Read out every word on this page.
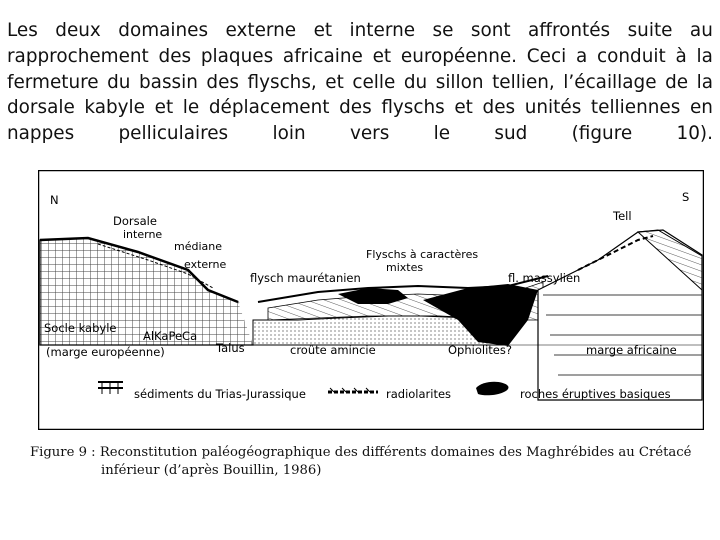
Les deux domaines externe et interne se sont affrontés suite au
rapprochement des plaques africaine et européenne. Ceci a conduit à la
fermeture du bassin des flyschs, et celle du sillon tellien, l’écaillage de la
dorsale kabyle et le déplacement des flyschs et des unités telliennes en
nappes pelliculaires loin vers le sud (figure 10).
N	S
Dorsale
interne
médiane
externe
Tell
Flyschs à caractères
mixtes
flysch maurétanien	fl. massylien
Socle kabyle
(marge européenne)
AlKaPeCa
Talus	croûte amincie	Ophiolites?	marge africaine
sédiments du Trias-Jurassique	radiolarites	roches éruptives basiques
Figure 9 : Reconstitution paléogéographique des différents domaines des Maghrébides au Crétacé
inférieur (d’après Bouillin, 1986)
